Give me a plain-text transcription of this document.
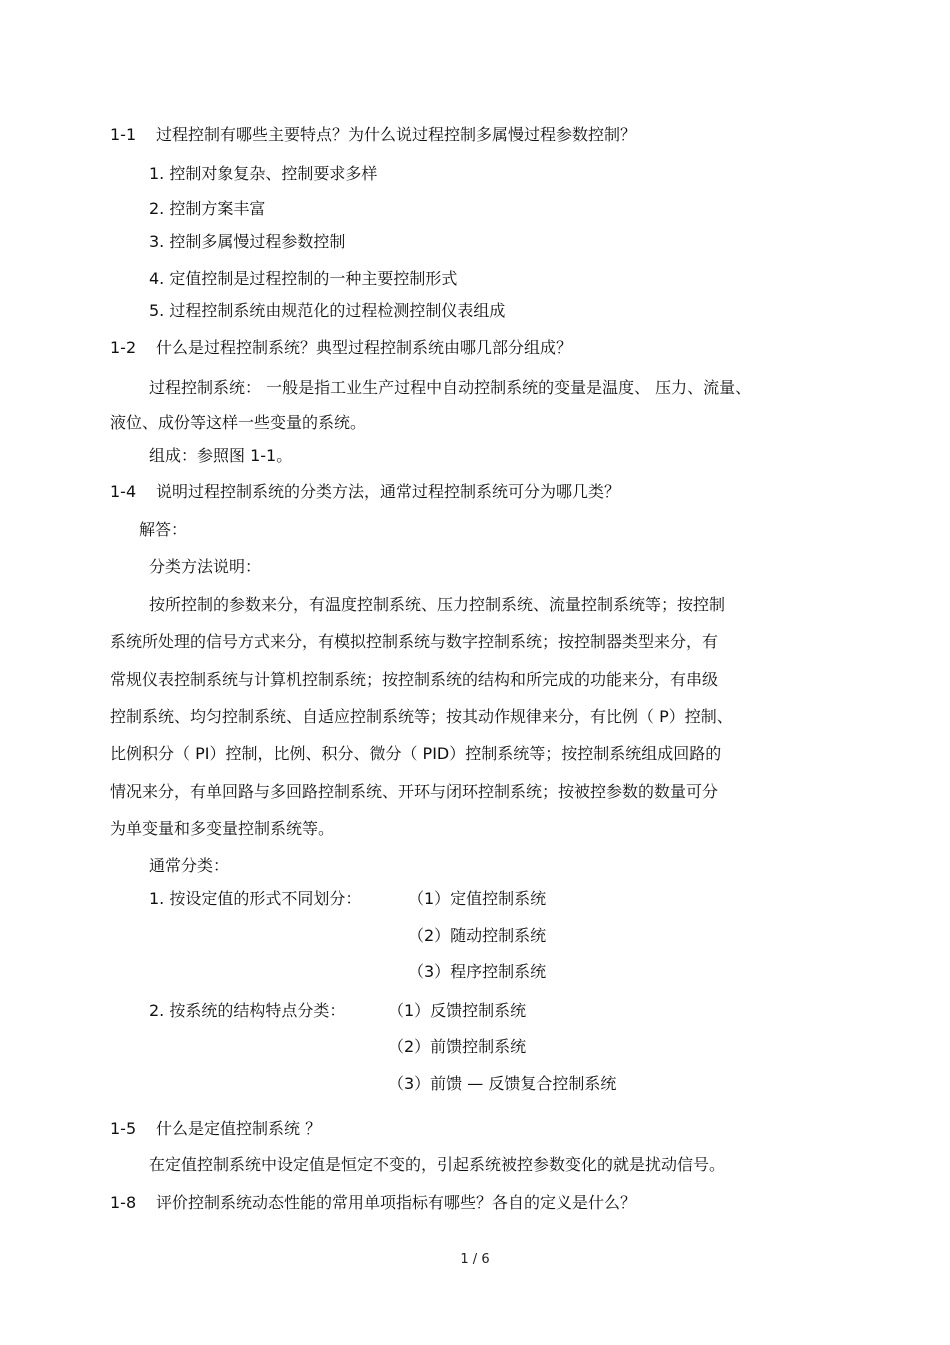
1-1 过程控制有哪些主要特点？为什么说过程控制多属慢过程参数控制？
1. 控制对象复杂、控制要求多样
2. 控制方案丰富
3. 控制多属慢过程参数控制
4. 定值控制是过程控制的一种主要控制形式
5. 过程控制系统由规范化的过程检测控制仪表组成
1-2 什么是过程控制系统？典型过程控制系统由哪几部分组成？
过程控制系统： 一般是指工业生产过程中自动控制系统的变量是温度、 压力、流量、
液位、成份等这样一些变量的系统。
组成：参照图 1-1。
1-4 说明过程控制系统的分类方法，通常过程控制系统可分为哪几类？
解答：
分类方法说明：
按所控制的参数来分，有温度控制系统、压力控制系统、流量控制系统等；按控制
系统所处理的信号方式来分，有模拟控制系统与数字控制系统；按控制器类型来分，有
常规仪表控制系统与计算机控制系统；按控制系统的结构和所完成的功能来分，有串级
控制系统、均匀控制系统、自适应控制系统等；按其动作规律来分，有比例（ P）控制、
比例积分（ PI）控制，比例、积分、微分（ PID）控制系统等；按控制系统组成回路的
情况来分，有单回路与多回路控制系统、开环与闭环控制系统；按被控参数的数量可分
为单变量和多变量控制系统等。
通常分类：
1. 按设定值的形式不同划分：	（1）定值控制系统
（2）随动控制系统
（3）程序控制系统
2. 按系统的结构特点分类：	（1）反馈控制系统
（2）前馈控制系统
（3）前馈 — 反馈复合控制系统
1-5 什么是定值控制系统 ？
在定值控制系统中设定值是恒定不变的，引起系统被控参数变化的就是扰动信号。
1-8 评价控制系统动态性能的常用单项指标有哪些？各自的定义是什么？
1 / 6
